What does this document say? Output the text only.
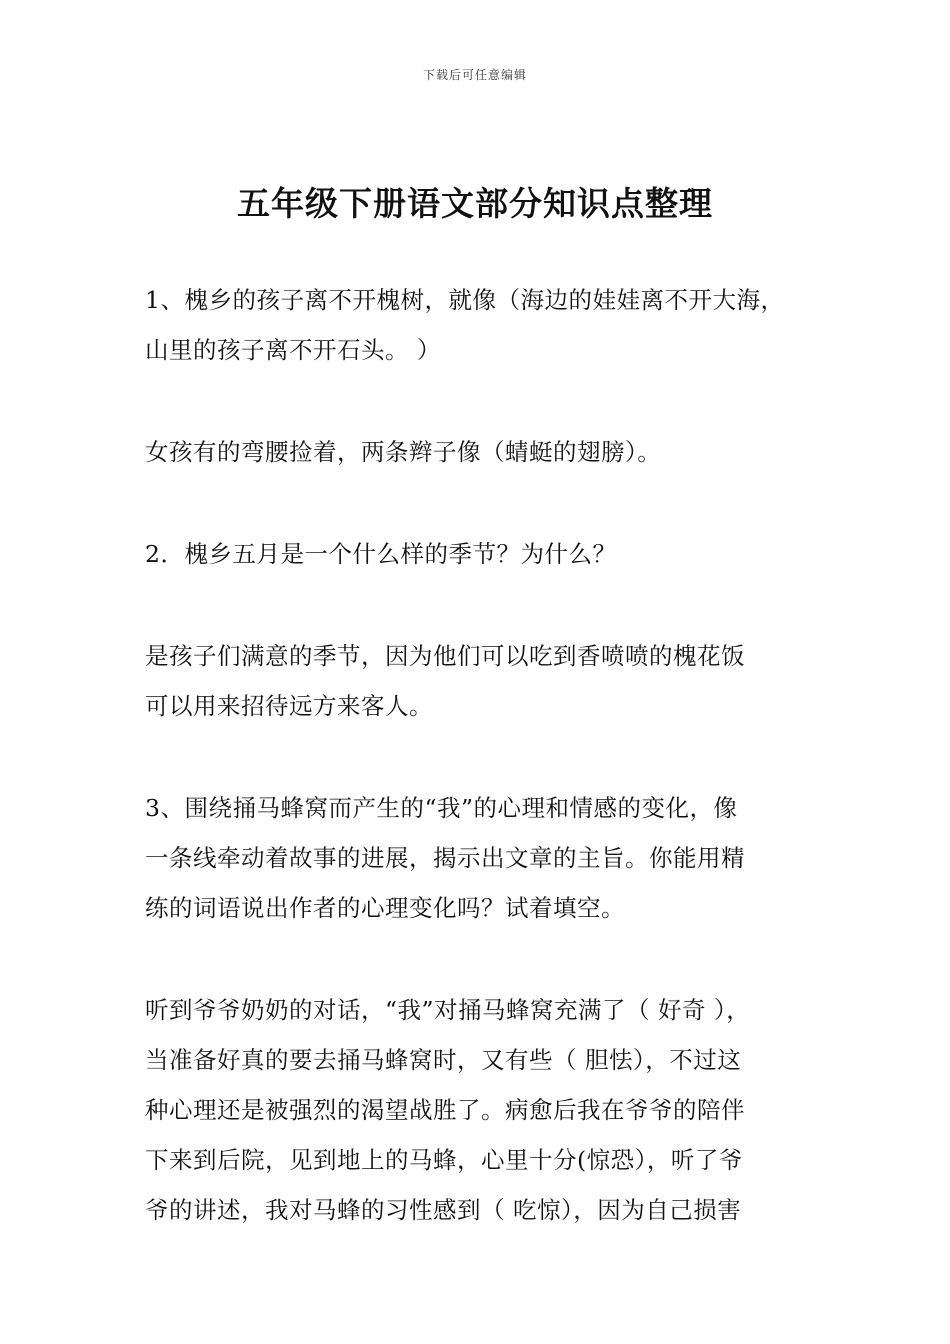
下载后可任意编辑
五年级下册语文部分知识点整理

1、槐乡的孩子离不开槐树，就像（海边的娃娃离不开大海，
山里的孩子离不开石头。 ）

女孩有的弯腰捡着，两条辫子像（蜻蜓的翅膀）。

2．槐乡五月是一个什么样的季节？为什么？

是孩子们满意的季节，因为他们可以吃到香喷喷的槐花饭
可以用来招待远方来客人。

3、围绕捅马蜂窝而产生的“我”的心理和情感的变化，像
一条线牵动着故事的进展，揭示出文章的主旨。你能用精
练的词语说出作者的心理变化吗？试着填空。

听到爷爷奶奶的对话，“我”对捅马蜂窝充满了（ 好奇 ），
当准备好真的要去捅马蜂窝时，又有些（ 胆怯），不过这
种心理还是被强烈的渴望战胜了。病愈后我在爷爷的陪伴
下来到后院，见到地上的马蜂，心里十分(惊恐），听了爷
爷的讲述，我对马蜂的习性感到（ 吃惊），因为自己损害
